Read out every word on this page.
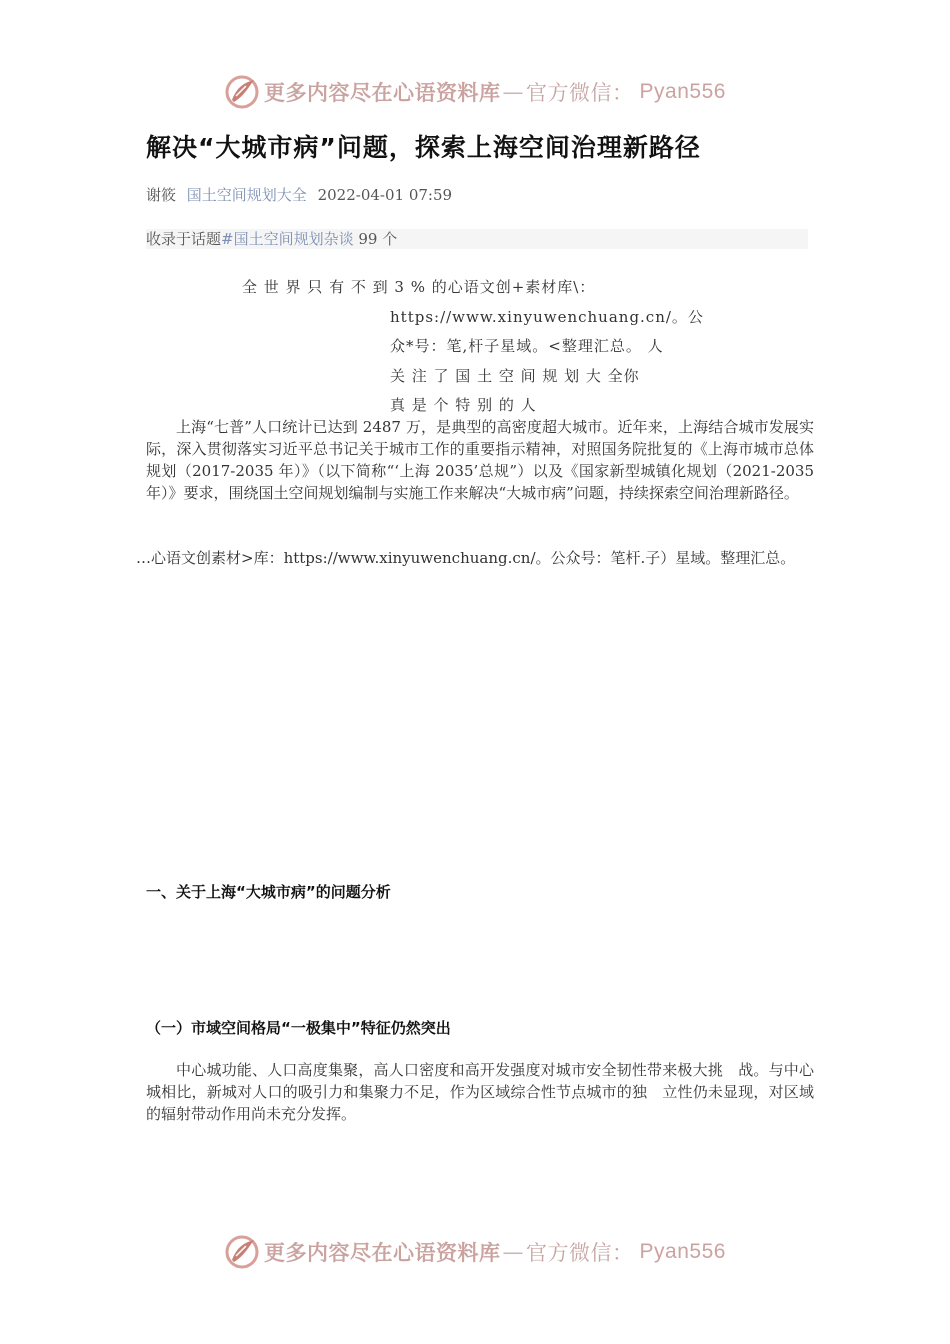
更多内容尽在心语资料库 — 官方微信： Pyan556
解决“大城市病”问题，探索上海空间治理新路径
谢筱 国土空间规划大全 2022-04-01 07:59
收录于话题#国土空间规划杂谈 99 个
全 世 界 只 有 不 到 3 % 的心语文创+素材库\：
https://www.xinyuwenchuang.cn/。公
众*号：笔,杆子星域。<整理汇总。 人
关 注 了 国 土 空 间 规 划 大 全你
真 是 个 特 别 的 人

上海“七普”人口统计已达到 2487 万，是典型的高密度超大城市。近年来，上海结合城市发展实际，深入贯彻落实习近平总书记关于城市工作的重要指示精神，对照国务院批复的《上海市城市总体规划（2017-2035 年）》（以下简称“‘上海 2035’总规”）以及《国家新型城镇化规划（2021-2035 年）》要求，围绕国土空间规划编制与实施工作来解决“大城市病”问题，持续探索空间治理新路径。

…心语文创素材>库：https://www.xinyuwenchuang.cn/。公众号：笔杆.子）星域。整理汇总。

一、关于上海“大城市病”的问题分析
（一）市域空间格局“一极集中”特征仍然突出

中心城功能、人口高度集聚，高人口密度和高开发强度对城市安全韧性带来极大挑　战。与中心城相比，新城对人口的吸引力和集聚力不足，作为区域综合性节点城市的独　立性仍未显现，对区域的辐射带动作用尚未充分发挥。

更多内容尽在心语资料库 — 官方微信： Pyan556
